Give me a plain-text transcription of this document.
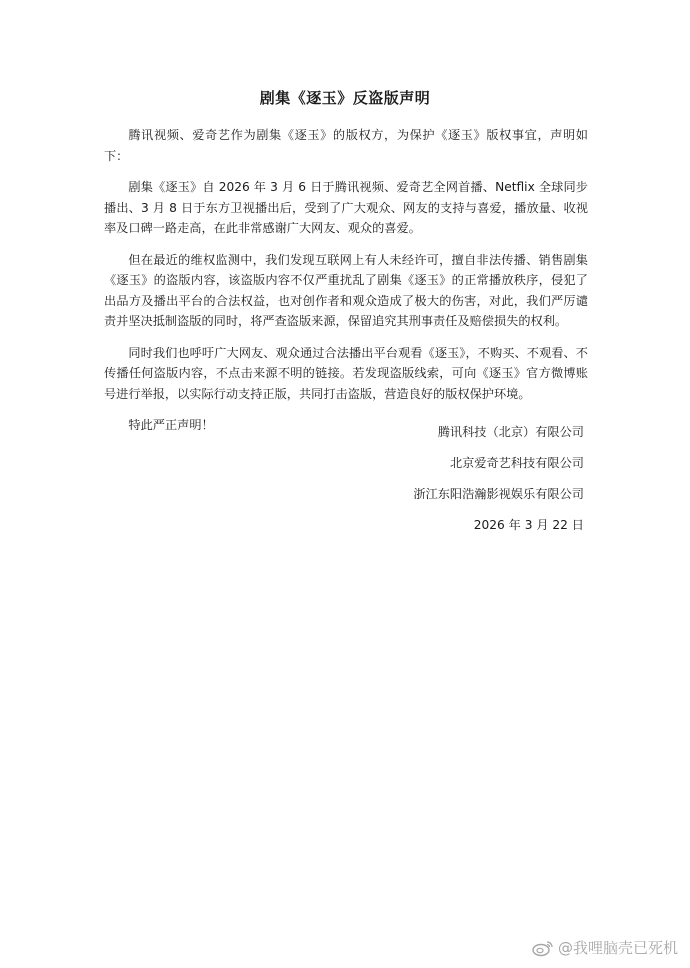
剧集《逐玉》反盗版声明

腾讯视频、爱奇艺作为剧集《逐玉》的版权方，为保护《逐玉》版权事宜，声明如下：

剧集《逐玉》自 2026 年 3 月 6 日于腾讯视频、爱奇艺全网首播、Netflix 全球同步播出、3 月 8 日于东方卫视播出后，受到了广大观众、网友的支持与喜爱，播放量、收视率及口碑一路走高，在此非常感谢广大网友、观众的喜爱。

但在最近的维权监测中，我们发现互联网上有人未经许可，擅自非法传播、销售剧集《逐玉》的盗版内容，该盗版内容不仅严重扰乱了剧集《逐玉》的正常播放秩序，侵犯了出品方及播出平台的合法权益，也对创作者和观众造成了极大的伤害，对此，我们严厉谴责并坚决抵制盗版的同时，将严查盗版来源，保留追究其刑事责任及赔偿损失的权利。

同时我们也呼吁广大网友、观众通过合法播出平台观看《逐玉》，不购买、不观看、不传播任何盗版内容，不点击来源不明的链接。若发现盗版线索，可向《逐玉》官方微博账号进行举报，以实际行动支持正版，共同打击盗版，营造良好的版权保护环境。

特此严正声明！	腾讯科技（北京）有限公司
北京爱奇艺科技有限公司
浙江东阳浩瀚影视娱乐有限公司
2026 年 3 月 22 日
@我哩脑壳已死机
